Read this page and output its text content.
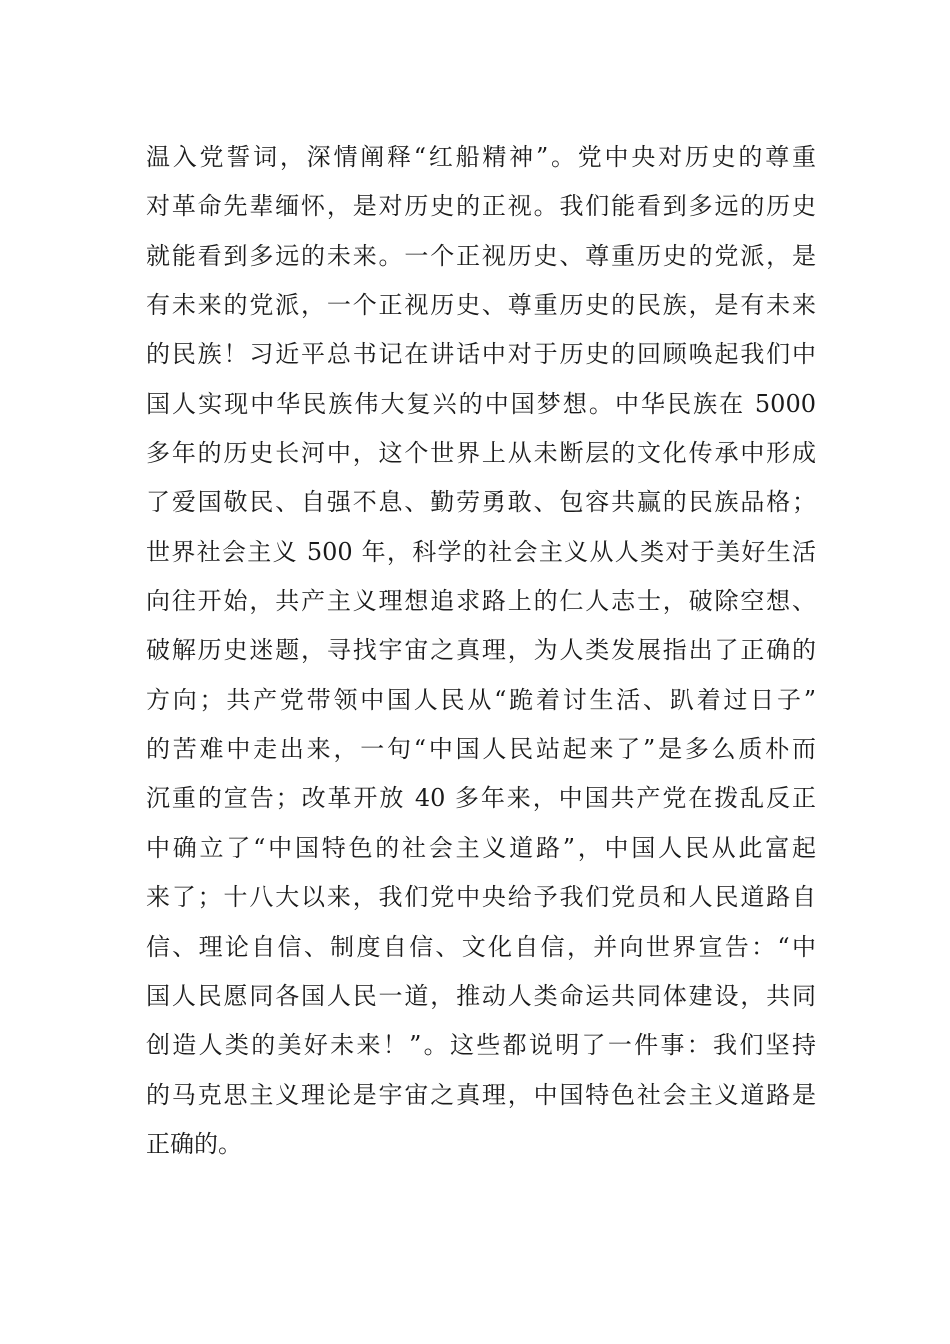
温入党誓词，深情阐释“红船精神”。党中央对历史的尊重
对革命先辈缅怀，是对历史的正视。我们能看到多远的历史
就能看到多远的未来。一个正视历史、尊重历史的党派，是
有未来的党派，一个正视历史、尊重历史的民族，是有未来
的民族！习近平总书记在讲话中对于历史的回顾唤起我们中
国人实现中华民族伟大复兴的中国梦想。中华民族在 5000
多年的历史长河中，这个世界上从未断层的文化传承中形成
了爱国敬民、自强不息、勤劳勇敢、包容共赢的民族品格；
世界社会主义 500 年，科学的社会主义从人类对于美好生活
向往开始，共产主义理想追求路上的仁人志士，破除空想、
破解历史迷题，寻找宇宙之真理，为人类发展指出了正确的
方向；共产党带领中国人民从“跪着讨生活、趴着过日子”
的苦难中走出来，一句“中国人民站起来了”是多么质朴而
沉重的宣告；改革开放 40 多年来，中国共产党在拨乱反正
中确立了“中国特色的社会主义道路”，中国人民从此富起
来了；十八大以来，我们党中央给予我们党员和人民道路自
信、理论自信、制度自信、文化自信，并向世界宣告：“中
国人民愿同各国人民一道，推动人类命运共同体建设，共同
创造人类的美好未来！”。这些都说明了一件事：我们坚持
的马克思主义理论是宇宙之真理，中国特色社会主义道路是
正确的。
